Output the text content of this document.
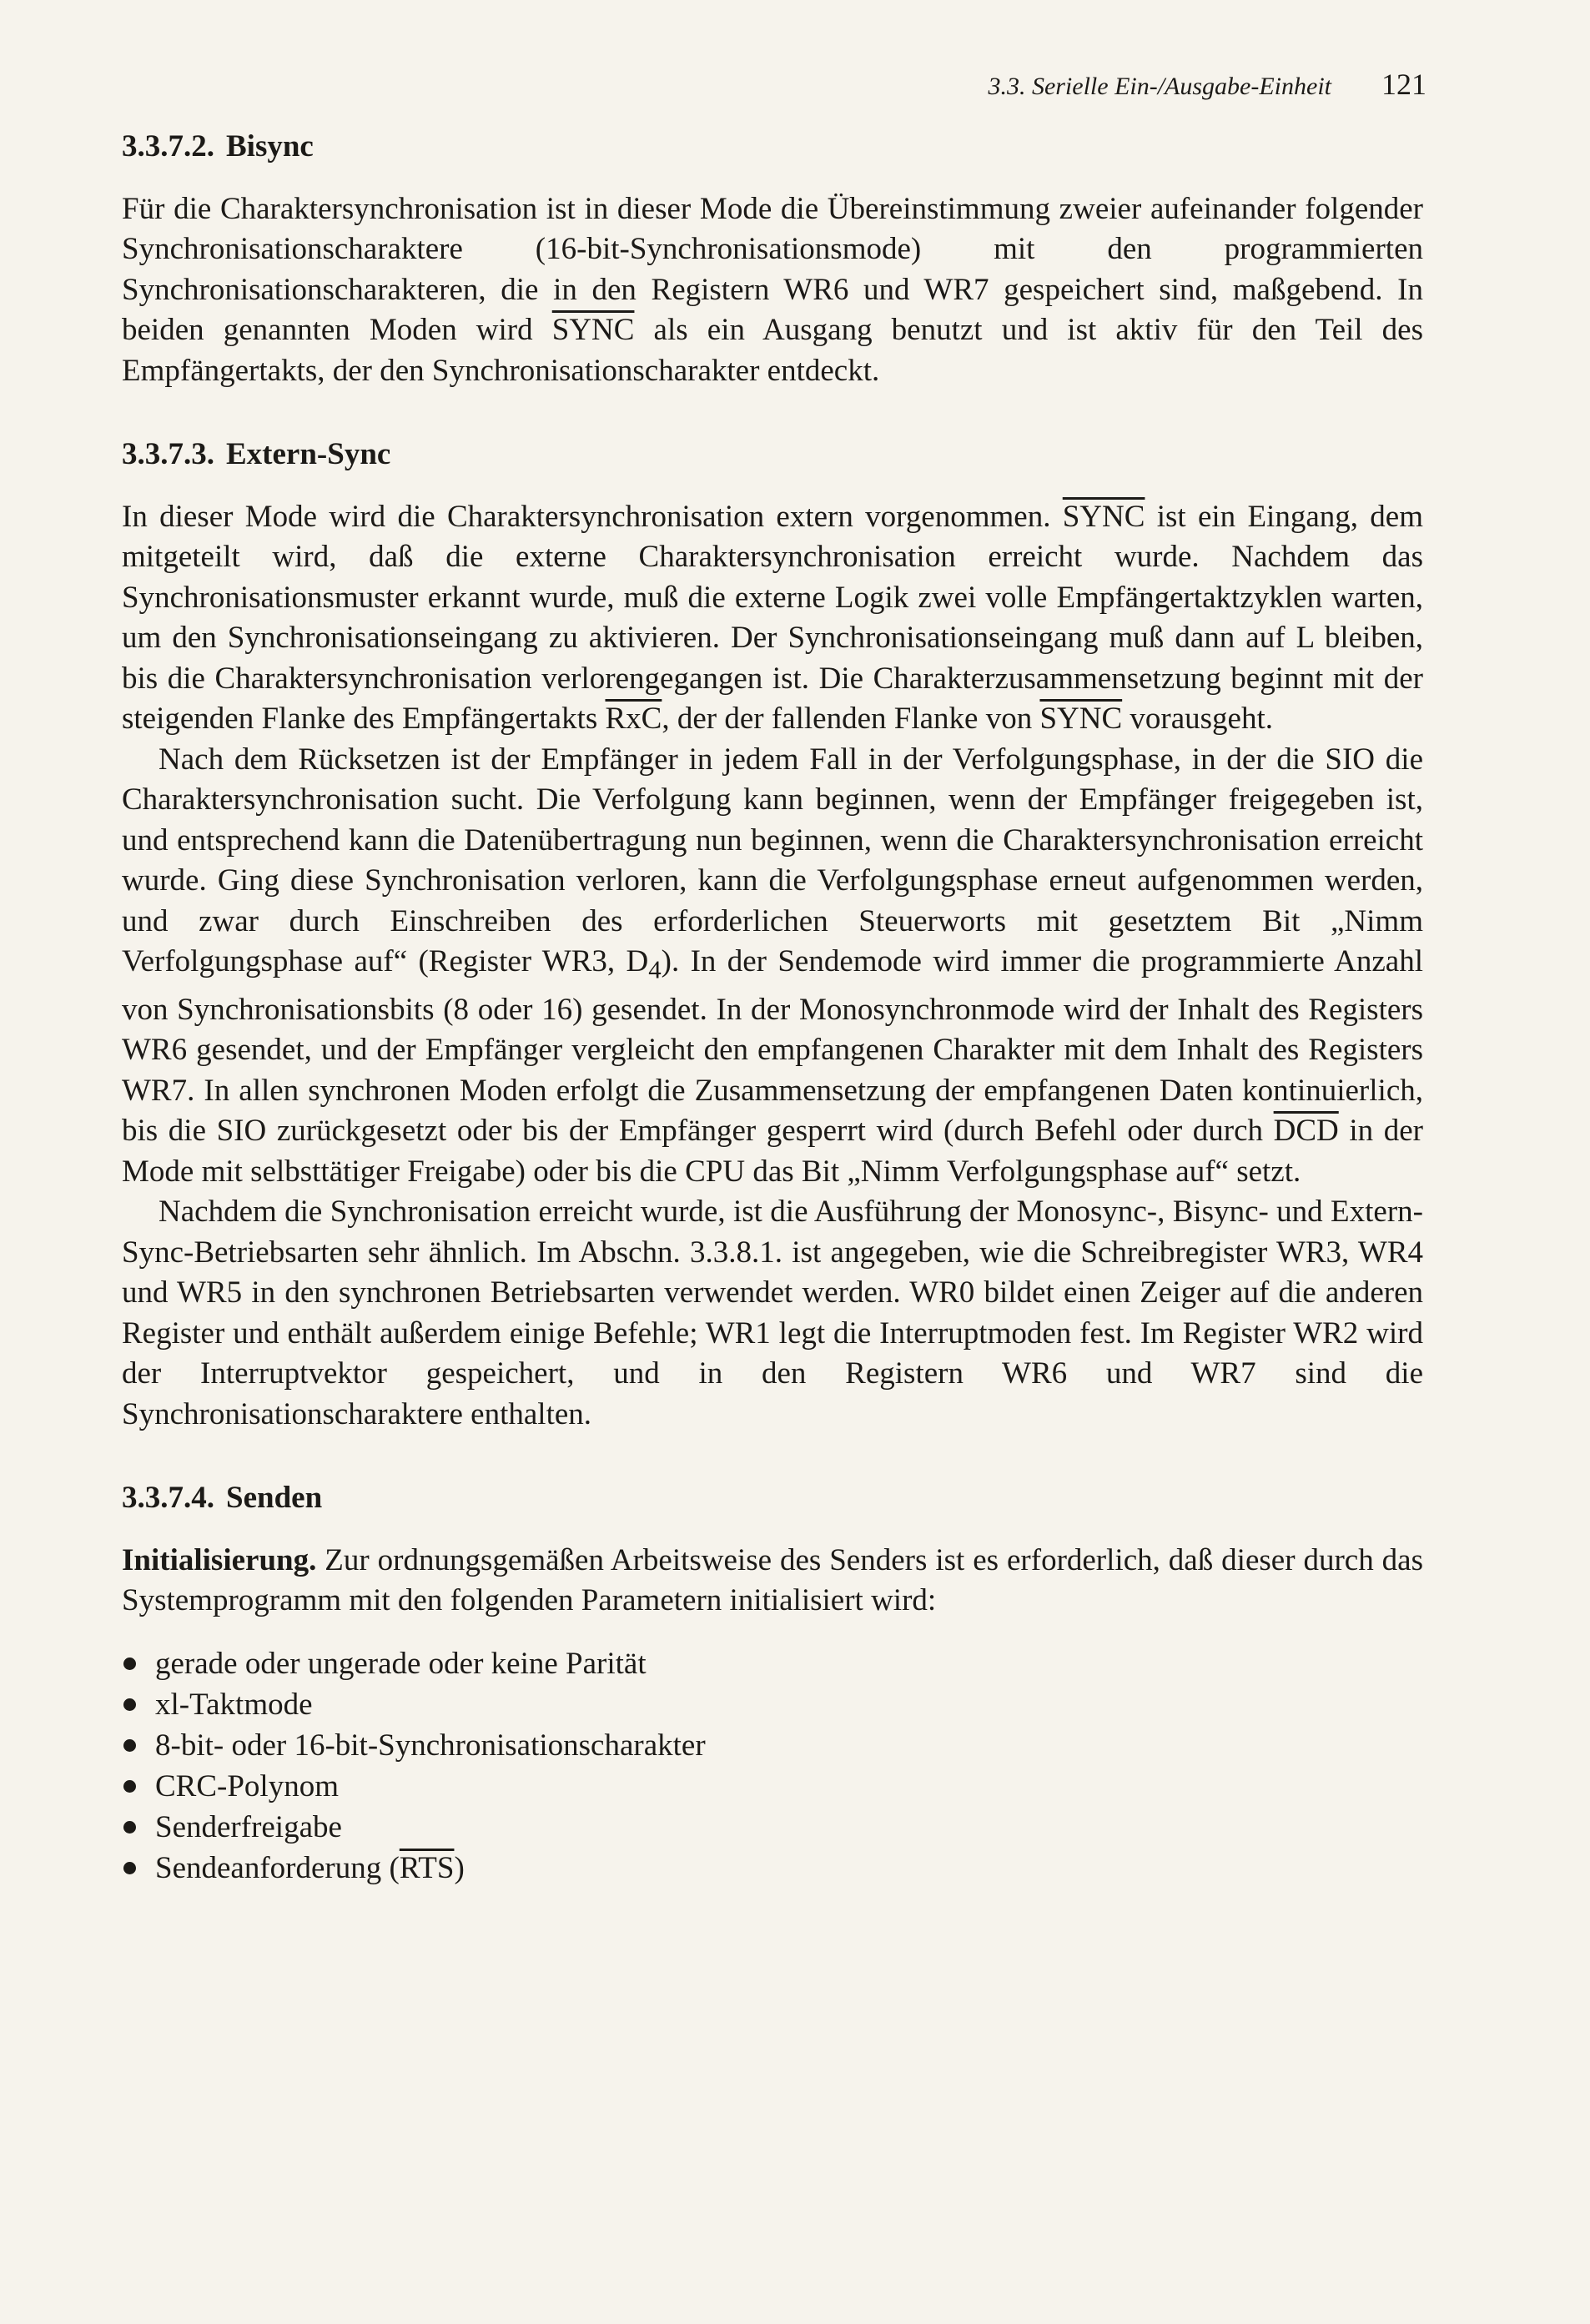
3.3. Serielle Ein-/Ausgabe-Einheit 121
3.3.7.2. Bisync

Für die Charaktersynchronisation ist in dieser Mode die Übereinstimmung zweier aufeinander folgender Synchronisationscharaktere (16-bit-Synchronisationsmode) mit den programmierten Synchronisationscharakteren, die in den Registern WR6 und WR7 gespeichert sind, maßgebend. In beiden genannten Moden wird SYNC als ein Ausgang benutzt und ist aktiv für den Teil des Empfängertakts, der den Synchronisationscharakter entdeckt.

3.3.7.3. Extern-Sync

In dieser Mode wird die Charaktersynchronisation extern vorgenommen. SYNC ist ein Eingang, dem mitgeteilt wird, daß die externe Charaktersynchronisation erreicht wurde. Nachdem das Synchronisationsmuster erkannt wurde, muß die externe Logik zwei volle Empfängertaktzyklen warten, um den Synchronisationseingang zu aktivieren. Der Synchronisationseingang muß dann auf L bleiben, bis die Charaktersynchronisation verlorengegangen ist. Die Charakterzusammensetzung beginnt mit der steigenden Flanke des Empfängertakts $\overline{RxC}$, der der fallenden Flanke von SYNC vorausgeht.

Nach dem Rücksetzen ist der Empfänger in jedem Fall in der Verfolgungsphase, in der die SIO die Charaktersynchronisation sucht. Die Verfolgung kann beginnen, wenn der Empfänger freigegeben ist, und entsprechend kann die Datenübertragung nun beginnen, wenn die Charaktersynchronisation erreicht wurde. Ging diese Synchronisation verloren, kann die Verfolgungsphase erneut aufgenommen werden, und zwar durch Einschreiben des erforderlichen Steuerworts mit gesetztem Bit „Nimm Verfolgungsphase auf“ (Register WR3, $D_4$). In der Sendemode wird immer die programmierte Anzahl von Synchronisationsbits (8 oder 16) gesendet. In der Monosynchronmode wird der Inhalt des Registers WR6 gesendet, und der Empfänger vergleicht den empfangenen Charakter mit dem Inhalt des Registers WR7. In allen synchronen Moden erfolgt die Zusammensetzung der empfangenen Daten kontinuierlich, bis die SIO zurückgesetzt oder bis der Empfänger gesperrt wird (durch Befehl oder durch $\overline{DCD}$ in der Mode mit selbsttätiger Freigabe) oder bis die CPU das Bit „Nimm Verfolgungsphase auf“ setzt.

Nachdem die Synchronisation erreicht wurde, ist die Ausführung der Monosync-, Bisync- und Extern-Sync-Betriebsarten sehr ähnlich. Im Abschn. 3.3.8.1. ist angegeben, wie die Schreibregister WR3, WR4 und WR5 in den synchronen Betriebsarten verwendet werden. WR0 bildet einen Zeiger auf die anderen Register und enthält außerdem einige Befehle; WR1 legt die Interruptmoden fest. Im Register WR2 wird der Interruptvektor gespeichert, und in den Registern WR6 und WR7 sind die Synchronisationscharaktere enthalten.

3.3.7.4. Senden

Initialisierung. Zur ordnungsgemäßen Arbeitsweise des Senders ist es erforderlich, daß dieser durch das Systemprogramm mit den folgenden Parametern initialisiert wird:

gerade oder ungerade oder keine Parität
xl-Taktmode
8-bit- oder 16-bit-Synchronisationscharakter
CRC-Polynom
Senderfreigabe
Sendeanforderung $(\overline{RTS})$
